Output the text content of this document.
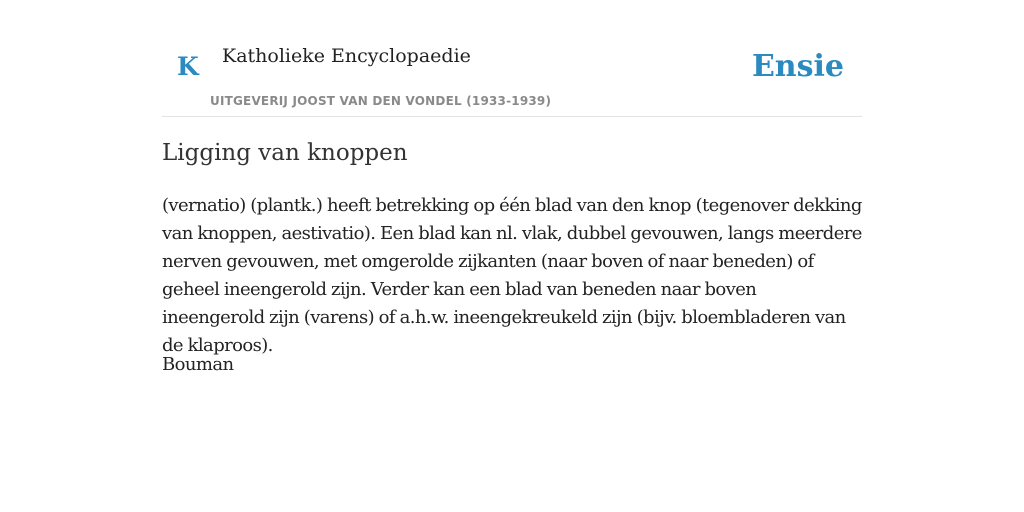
K Katholieke Encyclopaedie
UITGEVERIJ JOOST VAN DEN VONDEL (1933-1939)
Ensie
Ligging van knoppen

(vernatio) (plantk.) heeft betrekking op één blad van den knop (tegenover dekking van knoppen, aestivatio). Een blad kan nl. vlak, dubbel gevouwen, langs meerdere nerven gevouwen, met omgerolde zijkanten (naar boven of naar beneden) of geheel ineengerold zijn. Verder kan een blad van beneden naar boven ineengerold zijn (varens) of a.h.w. ineengekreukeld zijn (bijv. bloembladeren van de klaproos).

Bouman
